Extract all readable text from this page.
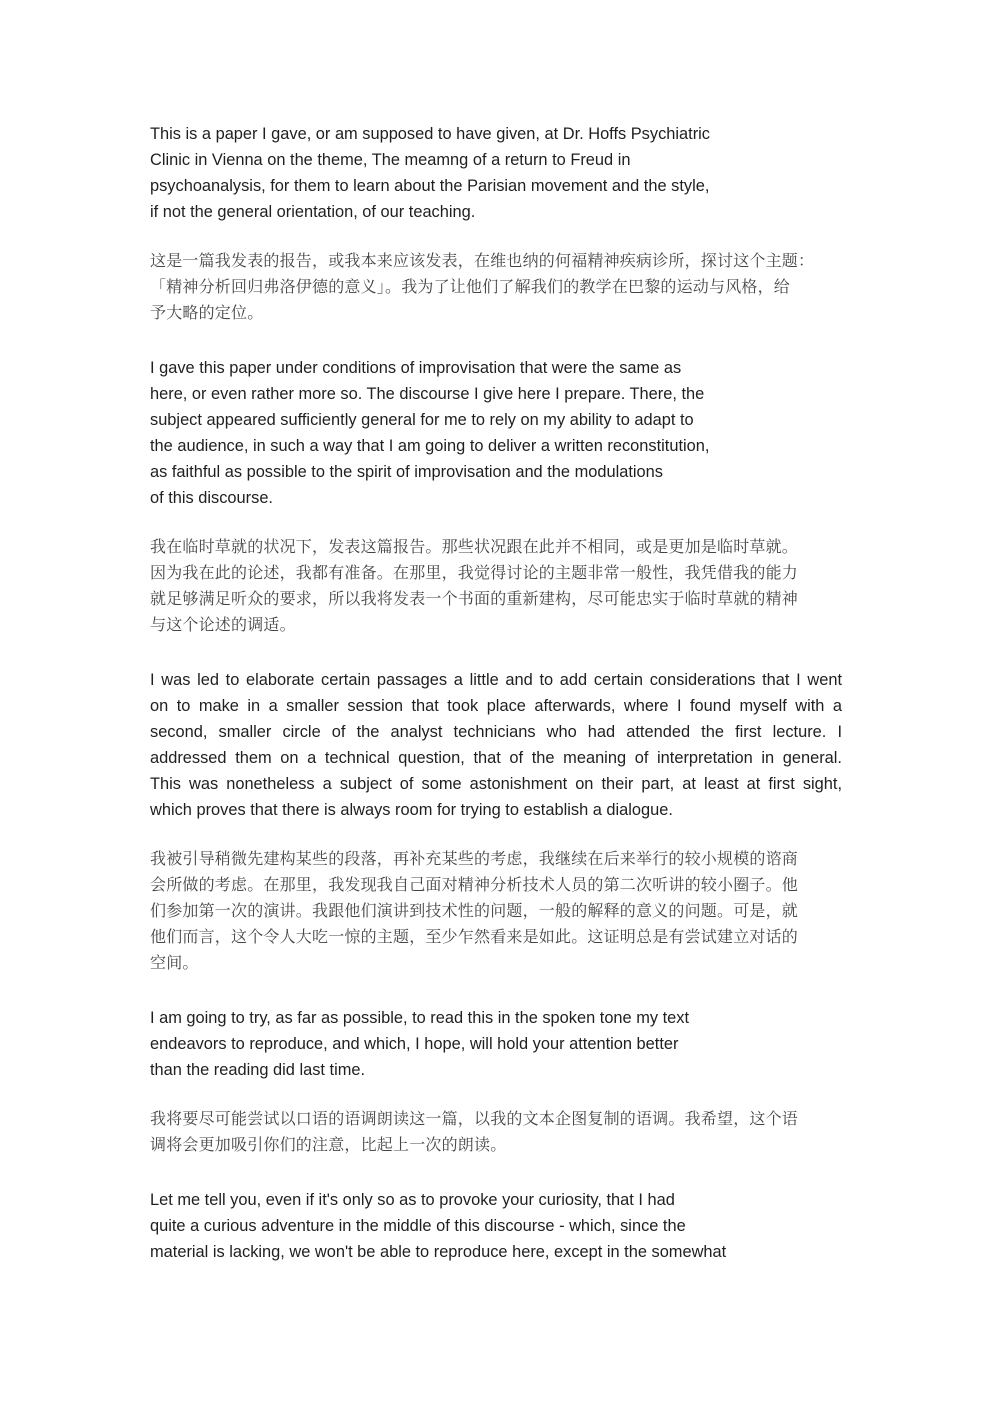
This is a paper I gave, or am supposed to have given, at Dr. Hoffs Psychiatric
Clinic in Vienna on the theme, The meamng of a return to Freud in
psychoanalysis, for them to learn about the Parisian movement and the style,
if not the general orientation, of our teaching.

这是一篇我发表的报告，或我本来应该发表，在维也纳的何福精神疾病诊所，探讨这个主题：
「精神分析回归弗洛伊德的意义」。我为了让他们了解我们的教学在巴黎的运动与风格，给
予大略的定位。

I gave this paper under conditions of improvisation that were the same as
here, or even rather more so. The discourse I give here I prepare. There, the
subject appeared sufficiently general for me to rely on my ability to adapt to
the audience, in such a way that I am going to deliver a written reconstitution,
as faithful as possible to the spirit of improvisation and the modulations
of this discourse.

我在临时草就的状况下，发表这篇报告。那些状况跟在此并不相同，或是更加是临时草就。
因为我在此的论述，我都有准备。在那里，我觉得讨论的主题非常一般性，我凭借我的能力
就足够满足听众的要求，所以我将发表一个书面的重新建构，尽可能忠实于临时草就的精神
与这个论述的调适。

I was led to elaborate certain passages a little and to add certain considerations that I went
on to make in a smaller session that took place afterwards, where I found myself with a
second, smaller circle of the analyst technicians who had attended the first lecture. I
addressed them on a technical question, that of the meaning of interpretation in general.
This was nonetheless a subject of some astonishment on their part, at least at first sight,
which proves that there is always room for trying to establish a dialogue.

我被引导稍微先建构某些的段落，再补充某些的考虑，我继续在后来举行的较小规模的谘商
会所做的考虑。在那里，我发现我自己面对精神分析技术人员的第二次听讲的较小圈子。他
们参加第一次的演讲。我跟他们演讲到技术性的问题，一般的解释的意义的问题。可是，就
他们而言，这个令人大吃一惊的主题，至少乍然看来是如此。这证明总是有尝试建立对话的
空间。

I am going to try, as far as possible, to read this in the spoken tone my text
endeavors to reproduce, and which, I hope, will hold your attention better
than the reading did last time.

我将要尽可能尝试以口语的语调朗读这一篇，以我的文本企图复制的语调。我希望，这个语
调将会更加吸引你们的注意，比起上一次的朗读。

Let me tell you, even if it's only so as to provoke your curiosity, that I had
quite a curious adventure in the middle of this discourse - which, since the
material is lacking, we won't be able to reproduce here, except in the somewhat
